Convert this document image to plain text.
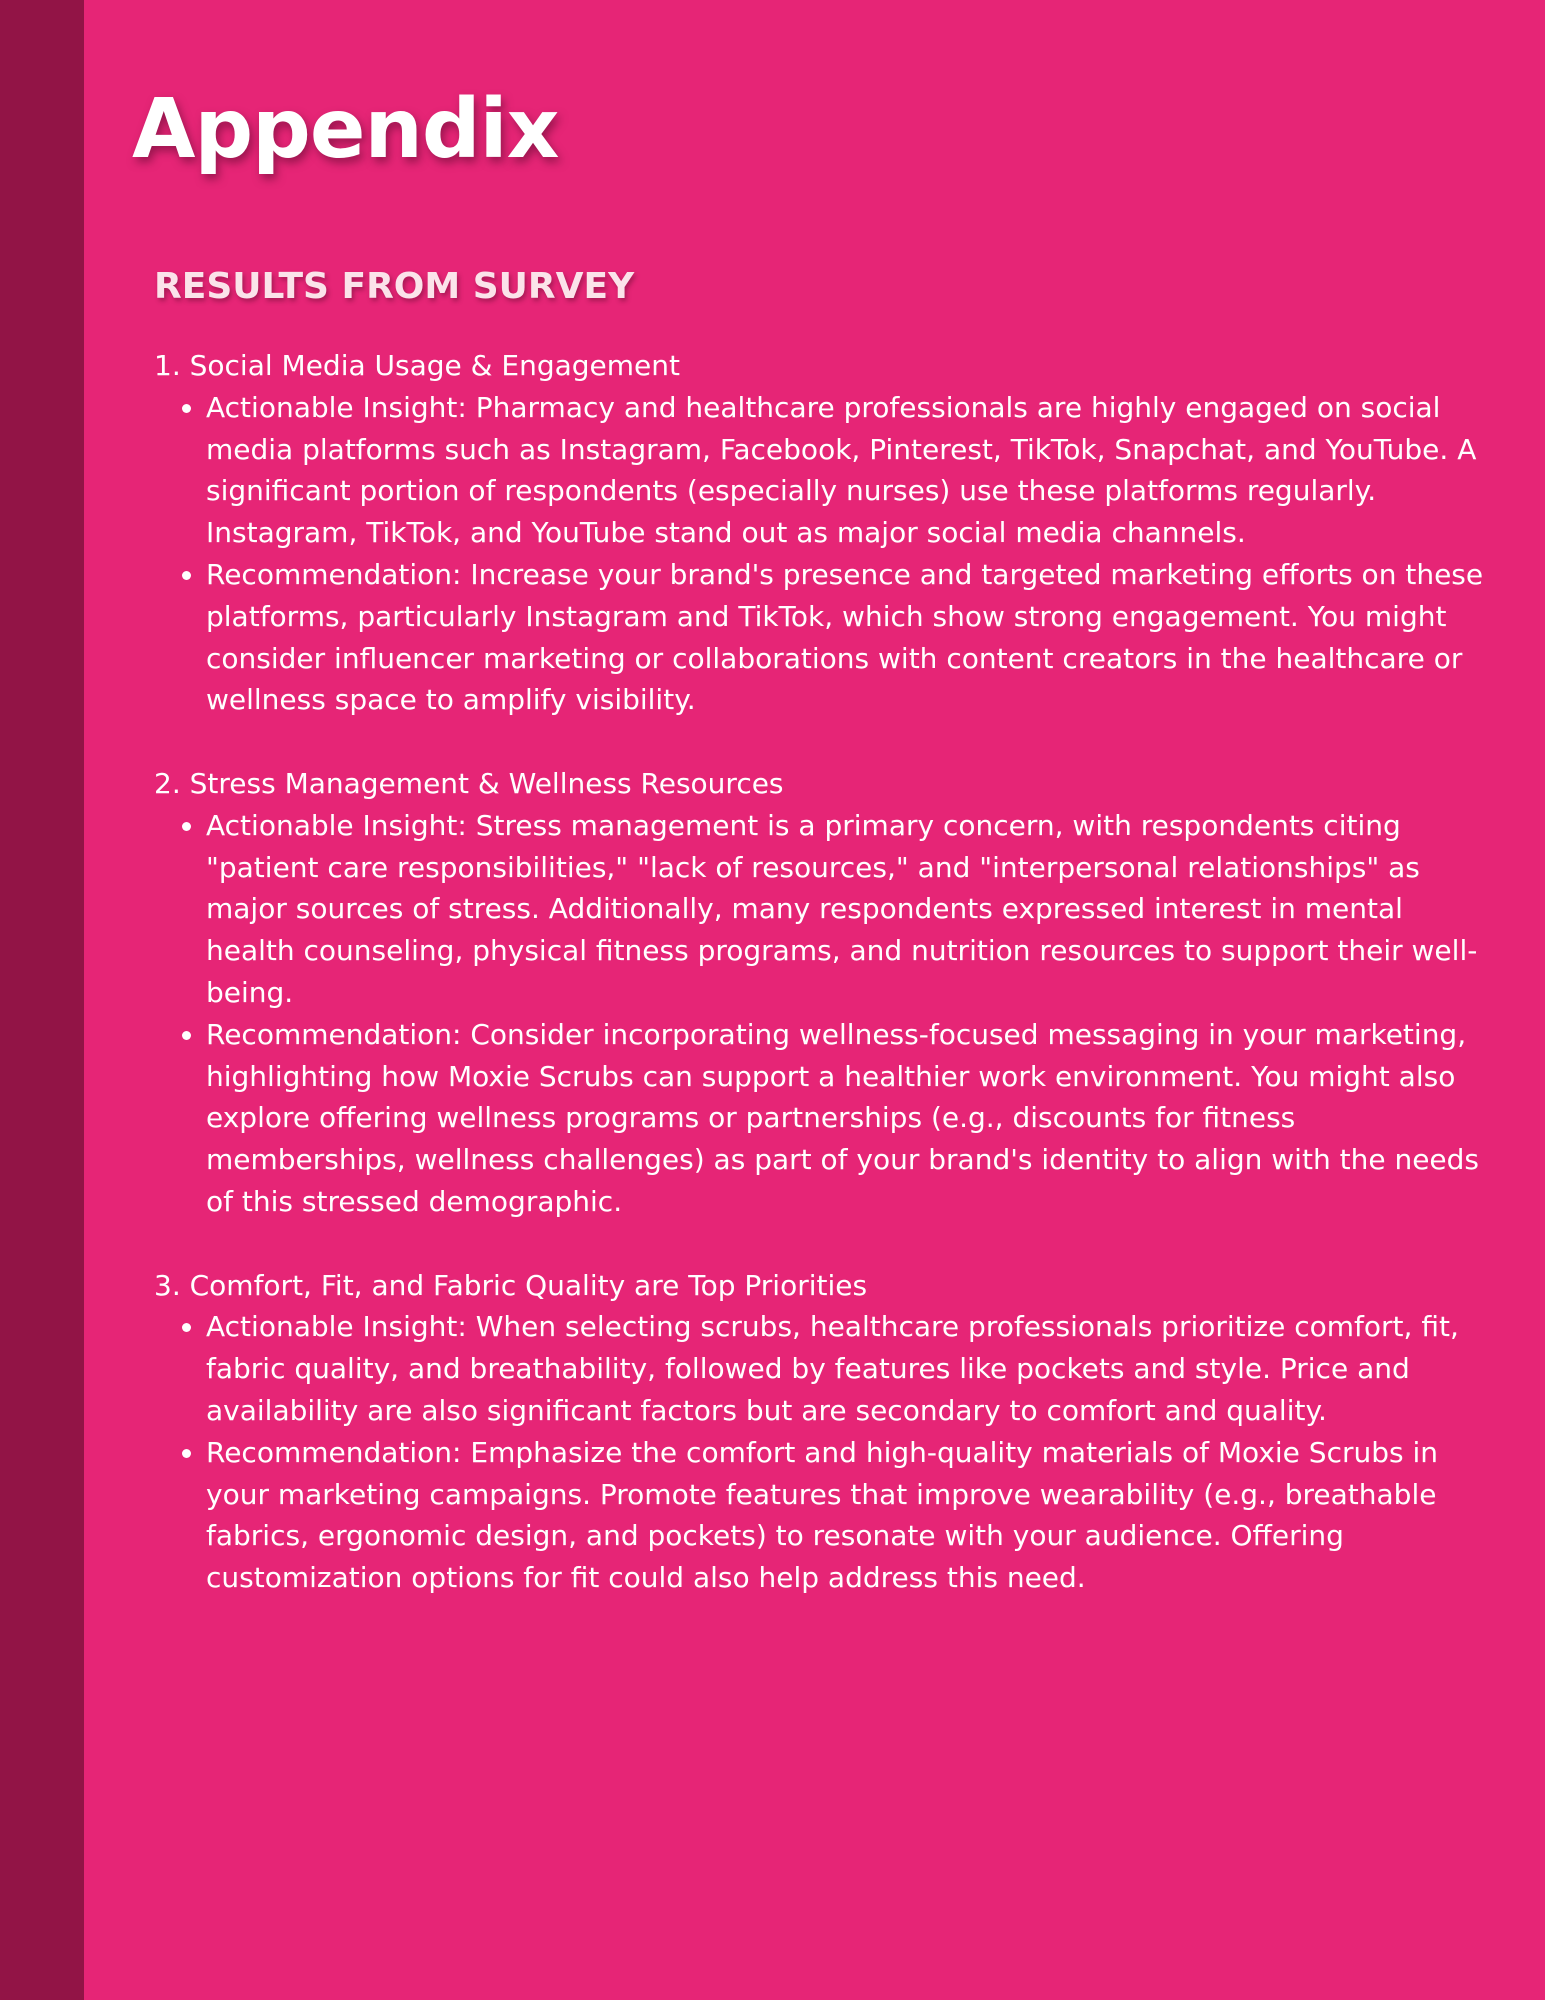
Appendix
RESULTS FROM SURVEY

1. Social Media Usage & Engagement

• Actionable Insight: Pharmacy and healthcare professionals are highly engaged on social media platforms such as Instagram, Facebook, Pinterest, TikTok, Snapchat, and YouTube. A significant portion of respondents (especially nurses) use these platforms regularly. Instagram, TikTok, and YouTube stand out as major social media channels.
• Recommendation: Increase your brand's presence and targeted marketing efforts on these platforms, particularly Instagram and TikTok, which show strong engagement. You might consider influencer marketing or collaborations with content creators in the healthcare or wellness space to amplify visibility.

2. Stress Management & Wellness Resources

• Actionable Insight: Stress management is a primary concern, with respondents citing "patient care responsibilities," "lack of resources," and "interpersonal relationships" as major sources of stress. Additionally, many respondents expressed interest in mental health counseling, physical fitness programs, and nutrition resources to support their well-being.
• Recommendation: Consider incorporating wellness-focused messaging in your marketing, highlighting how Moxie Scrubs can support a healthier work environment. You might also explore offering wellness programs or partnerships (e.g., discounts for fitness memberships, wellness challenges) as part of your brand's identity to align with the needs of this stressed demographic.

3. Comfort, Fit, and Fabric Quality are Top Priorities

• Actionable Insight: When selecting scrubs, healthcare professionals prioritize comfort, fit, fabric quality, and breathability, followed by features like pockets and style. Price and availability are also significant factors but are secondary to comfort and quality.
• Recommendation: Emphasize the comfort and high-quality materials of Moxie Scrubs in your marketing campaigns. Promote features that improve wearability (e.g., breathable fabrics, ergonomic design, and pockets) to resonate with your audience. Offering customization options for fit could also help address this need.
